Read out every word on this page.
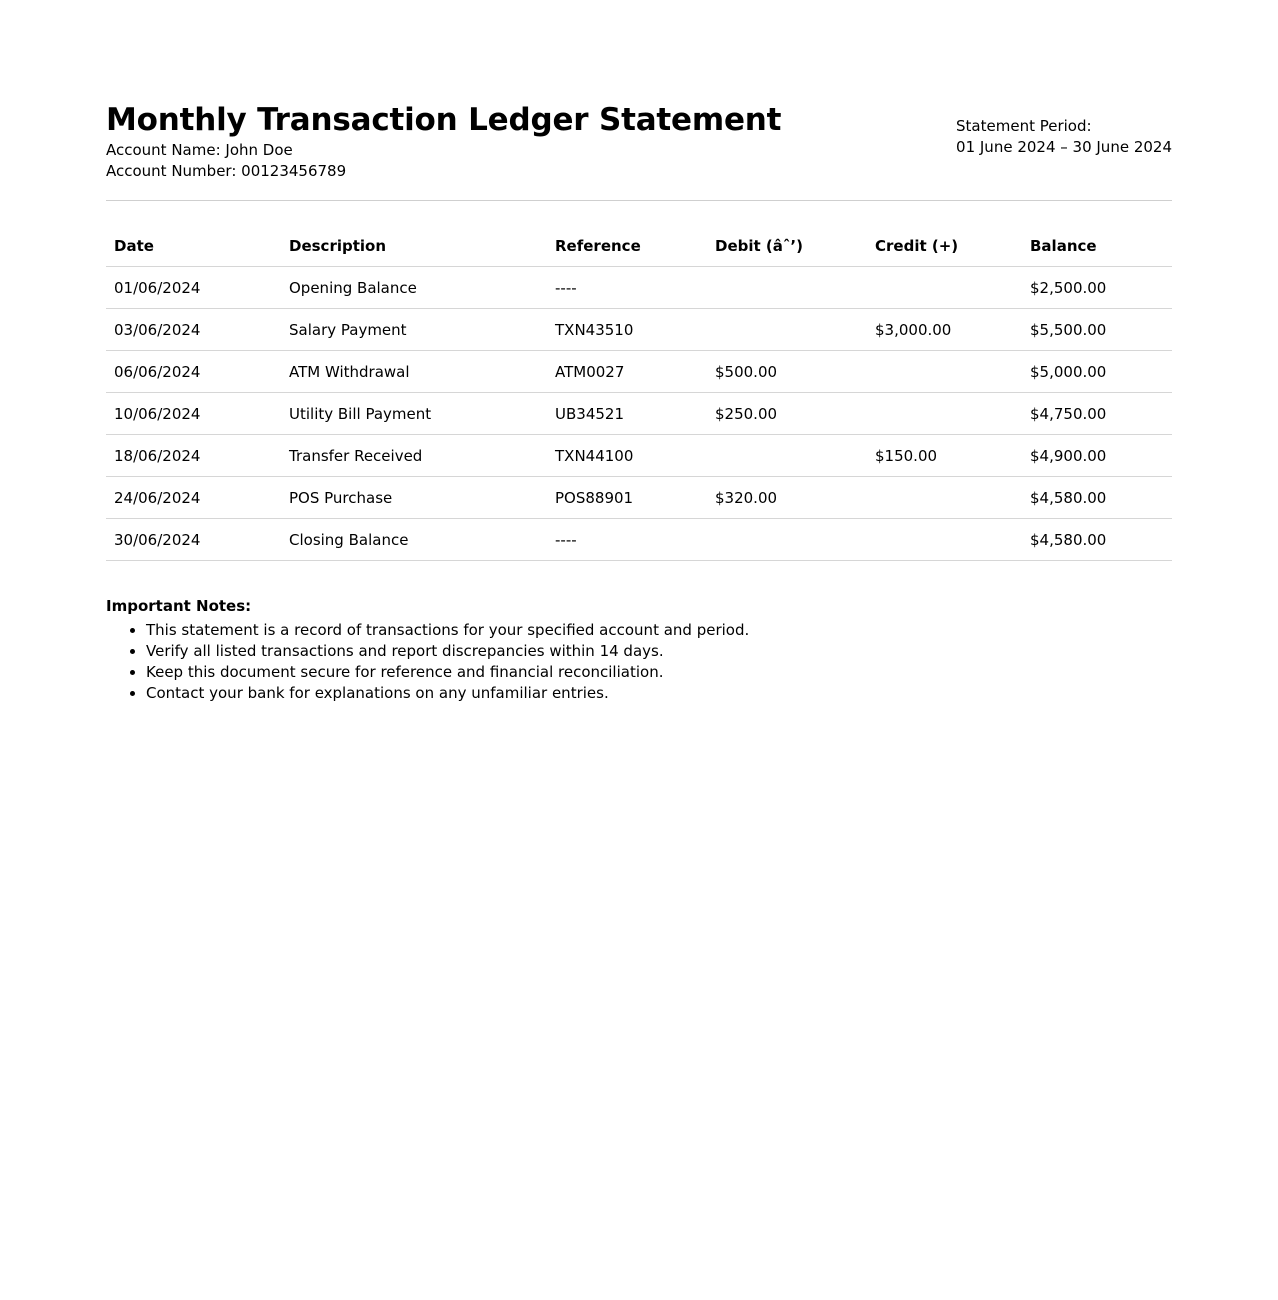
Monthly Transaction Ledger Statement
Account Name: John Doe
Account Number: 00123456789
Statement Period:
01 June 2024 – 30 June 2024
Date	Description	Reference	Debit (âˆ’)	Credit (+)	Balance
01/06/2024	Opening Balance	----			$2,500.00
03/06/2024	Salary Payment	TXN43510		$3,000.00	$5,500.00
06/06/2024	ATM Withdrawal	ATM0027	$500.00		$5,000.00
10/06/2024	Utility Bill Payment	UB34521	$250.00		$4,750.00
18/06/2024	Transfer Received	TXN44100		$150.00	$4,900.00
24/06/2024	POS Purchase	POS88901	$320.00		$4,580.00
30/06/2024	Closing Balance	----			$4,580.00
Important Notes:
• This statement is a record of transactions for your specified account and period.
• Verify all listed transactions and report discrepancies within 14 days.
• Keep this document secure for reference and financial reconciliation.
• Contact your bank for explanations on any unfamiliar entries.
